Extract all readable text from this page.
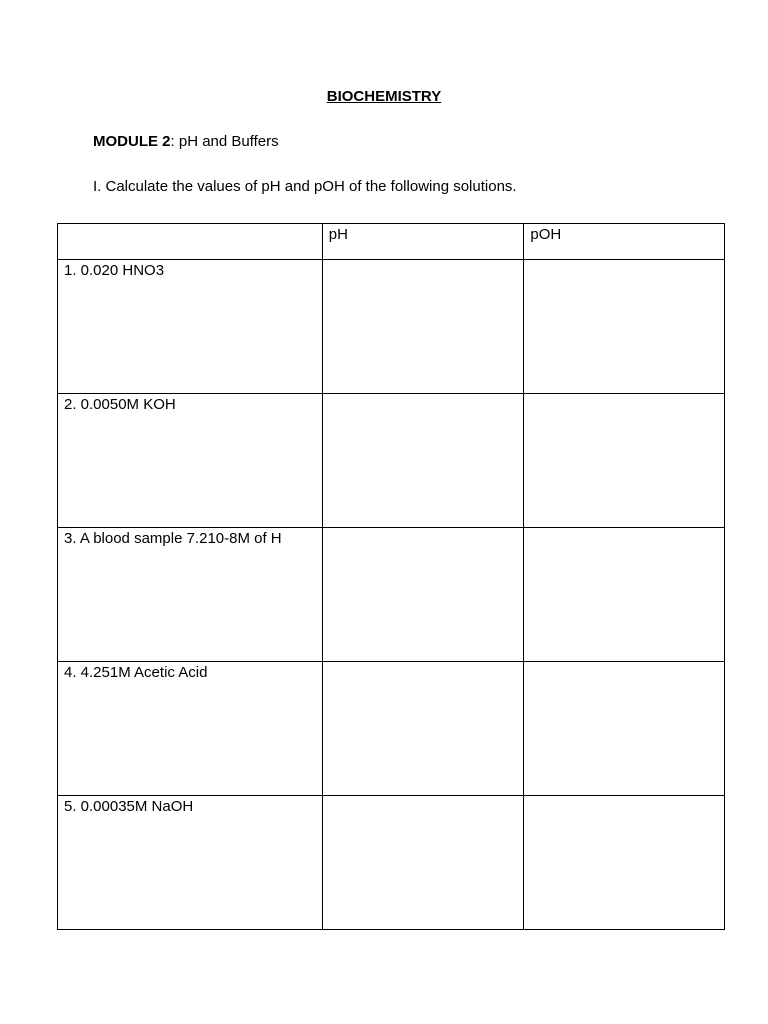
BIOCHEMISTRY
MODULE 2: pH and Buffers
I. Calculate the values of pH and pOH of the following solutions.
	pH	pOH
1. 0.020 HNO3		
2. 0.0050M KOH		
3. A blood sample 7.210-8M of H		
4. 4.251M Acetic Acid		
5. 0.00035M NaOH		
